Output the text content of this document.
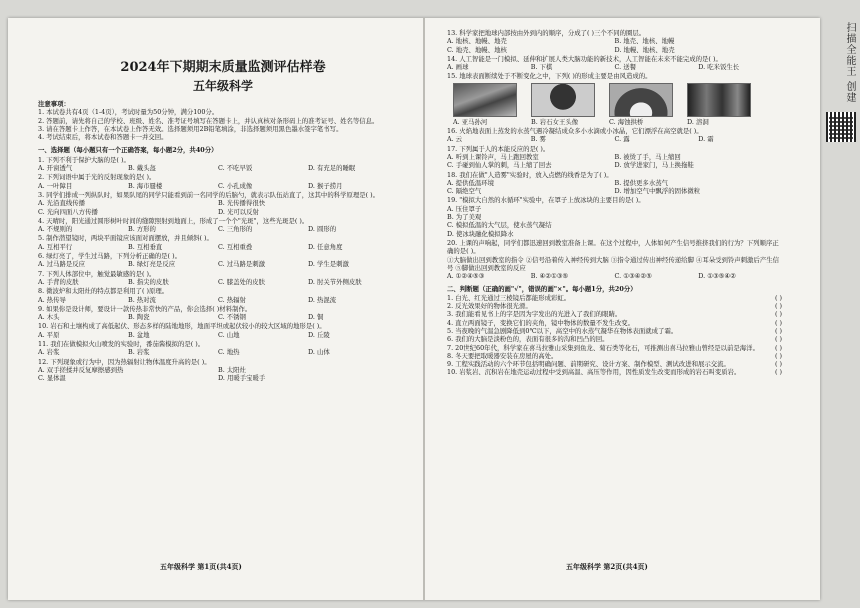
2024年下期期末质量监测评估样卷
五年级科学
注意事项：
1. 本试卷共有4页（1-4页），考试时量为50分钟，满分100分。
2. 答题前，请先将自己的学校、班级、姓名、准考证号填写在答题卡上，并认真核对条形码上的准考证号、姓名等信息。
3. 请在答题卡上作答，在本试卷上作答无效。选择题须用2B铅笔填涂，非选择题须用黑色墨水签字笔书写。
4. 考试结束后，将本试卷和答题卡一并交回。
一、选择题（每小题只有一个正确答案，每小题2分，共40分）
1. 下列不利于保护大脑的是( )。
A. 开窗透气	B. 戴头盔	C. 不吃早饭	D. 有充足的睡眠
2. 下列词语中属于光的反射现象的是( )。
A. 一叶障目	B. 海市蜃楼	C. 小孔成像	D. 猴子捞月
3. 同学们排成一列纵队时，如果队尾的同学只能看到前一名同学的后脑勺，就表示队伍站直了，这其中的科学原理是( )。
A. 光沿直线传播	B. 光传播得很快
C. 光向四面八方传播	D. 光可以反射
4. 天晴时，阳光通过圆形树叶时间的缝隙照射到地面上，形成了一个个"光斑"，这些光斑是( )。
A. 不规则的	B. 方形的	C. 三角形的	D. 圆形的
5. 制作潜望镜时，两块平面镜应该面对面摆放，并且倾斜( )。
A. 互相平行	B. 互相垂直	C. 互相重叠	D. 任意角度
6. 绿灯亮了，学生过马路，下列分析正确的是( )。
A. 过马路是反应	B. 绿灯亮是反应	C. 过马路是刺激	D. 学生是刺激
7. 下列人体部位中，触觉最敏感的是( )。
A. 手背的皮肤	B. 指尖的皮肤	C. 膝盖处的皮肤	D. 肘关节外侧皮肤
8. 微波炉和太阳灶的特点都是利用了( )原理。
A. 热传导	B. 热对流	C. 热辐射	D. 热混流
9. 如果你是设计师，要设计一款传热非常快的产品，你会选择( )材料制作。
A. 木头	B. 陶瓷	C. 不锈钢	D. 铜
10. 岩石和土壤构成了高低起伏、形态多样的陆地地形，地面平坦或起伏较小的较大区域的地形是( )。
A. 平原	B. 盆地	C. 山地	D. 丘陵
11. 我们在做模拟火山喷发的实验时，番茄酱模拟的是( )。
A. 岩浆	B. 岩浆	C. 地热	D. 山体
12. 下列现象或行为中，因为热辐射让物体温度升高的是( )。
A. 双手搓揉并反复摩擦感到热	B. 太阳灶
C. 显体温	D. 用暖手宝暖手
五年级科学 第1页(共4页)
13. 科学家把地球内部按由外到内的顺序，分成了( )三个不同的圈层。
A. 地核、地幔、地壳	B. 地壳、地核、地幔
C. 地壳、地幔、地核	D. 地幔、地核、地壳
14. 人工智能是一门模拟、延伸和扩展人类大脑功能的新技术，人工智能在未来不能完成的是( )。
A. 画球	B. 下棋	C. 送餐	D. 吃米饭生长
15. 地球表面断续处于不断变化之中，下列( )的形成主要是由风造成的。
A. 亚马孙河	B. 岩石女王头像	C. 海蚀拱桥	D. 溶洞
16. 火焰地表面上蒸发的水蒸气遇冷凝结成众多小水滴或小冰晶，它们漂浮在高空就是( )。
A. 云	B. 雾	C. 露	D. 霜
17. 下列属于人的本能反应的是( )。
A. 听到上课铃声，马上跑回教室	B. 被烫了手，马上缩回
C. 手碰到仙人掌的刺，马上缩了回去	D. 放学进家门，马上换拖鞋
18. 我们在做"人造雾"实验时，放入点燃的线香是为了( )。
A. 提供低温环境	B. 提供更多水蒸气
C. 隔绝空气	D. 增加空气中飘浮的固体微粒
19. "模拟大自然的水循环"实验中，在罩子上放冰块的主要目的是( )。
A. 压住罩子
B. 为了美观
C. 模拟低温的大气层，使水蒸气凝结
D. 使冰块融化模拟降水
20. 上课的声响起，同学们都迅速回到教室准备上课。在这个过程中，人体如何产生信号推挤我们的行为？下列顺序正确的是( )。
①大脑做出回到教室的指令 ②信号沿着传入神经传到大脑 ③指令通过传出神经传递给脚 ④耳朵受到铃声刺激后产生信号 ⑤脚做出回到教室的反应
A. ①②④⑤③	B. ④②①③⑤	C. ①③④②⑤	D. ①③⑤④②
二、判断题（正确的画"√"，错误的画"×"。每小题1分，共20分）
1. 白光、红光通过三棱镜后都能形成彩虹。	( )
2. 反光效果好的物体很光滑。	( )
3. 我们能看见书上的字是因为字发出的光进入了我们的眼睛。	( )
4. 直立两面镜子，变换它们的夹角，镜中物体的数量不发生改变。	( )
5. 当夜晚的气温急剧降低到0℃以下，高空中的水蒸气凝华在物体表面就成了霜。	( )
6. 我们的大脑是淡粉色的，表面有很多的沟和凹凸的回。	( )
7. 20世纪60年代，科学家在喜马拉雅山采集到鱼龙、菊石类等化石，可推测出喜马拉雅山曾经是以前是海洋。	( )
8. 冬天要把取暖器安装在房屋的高处。	( )
9. 工程实践活动的六个环节包括明确问题、前期研究、设计方案、制作模型、测试改进和展示交流。	( )
10. 岩浆岩、沉积岩在地壳运动过程中受到高温、高压等作用，因性质发生改变而形成的岩石叫变质岩。	( )
五年级科学 第2页(共4页)
扫描全能王 创建
